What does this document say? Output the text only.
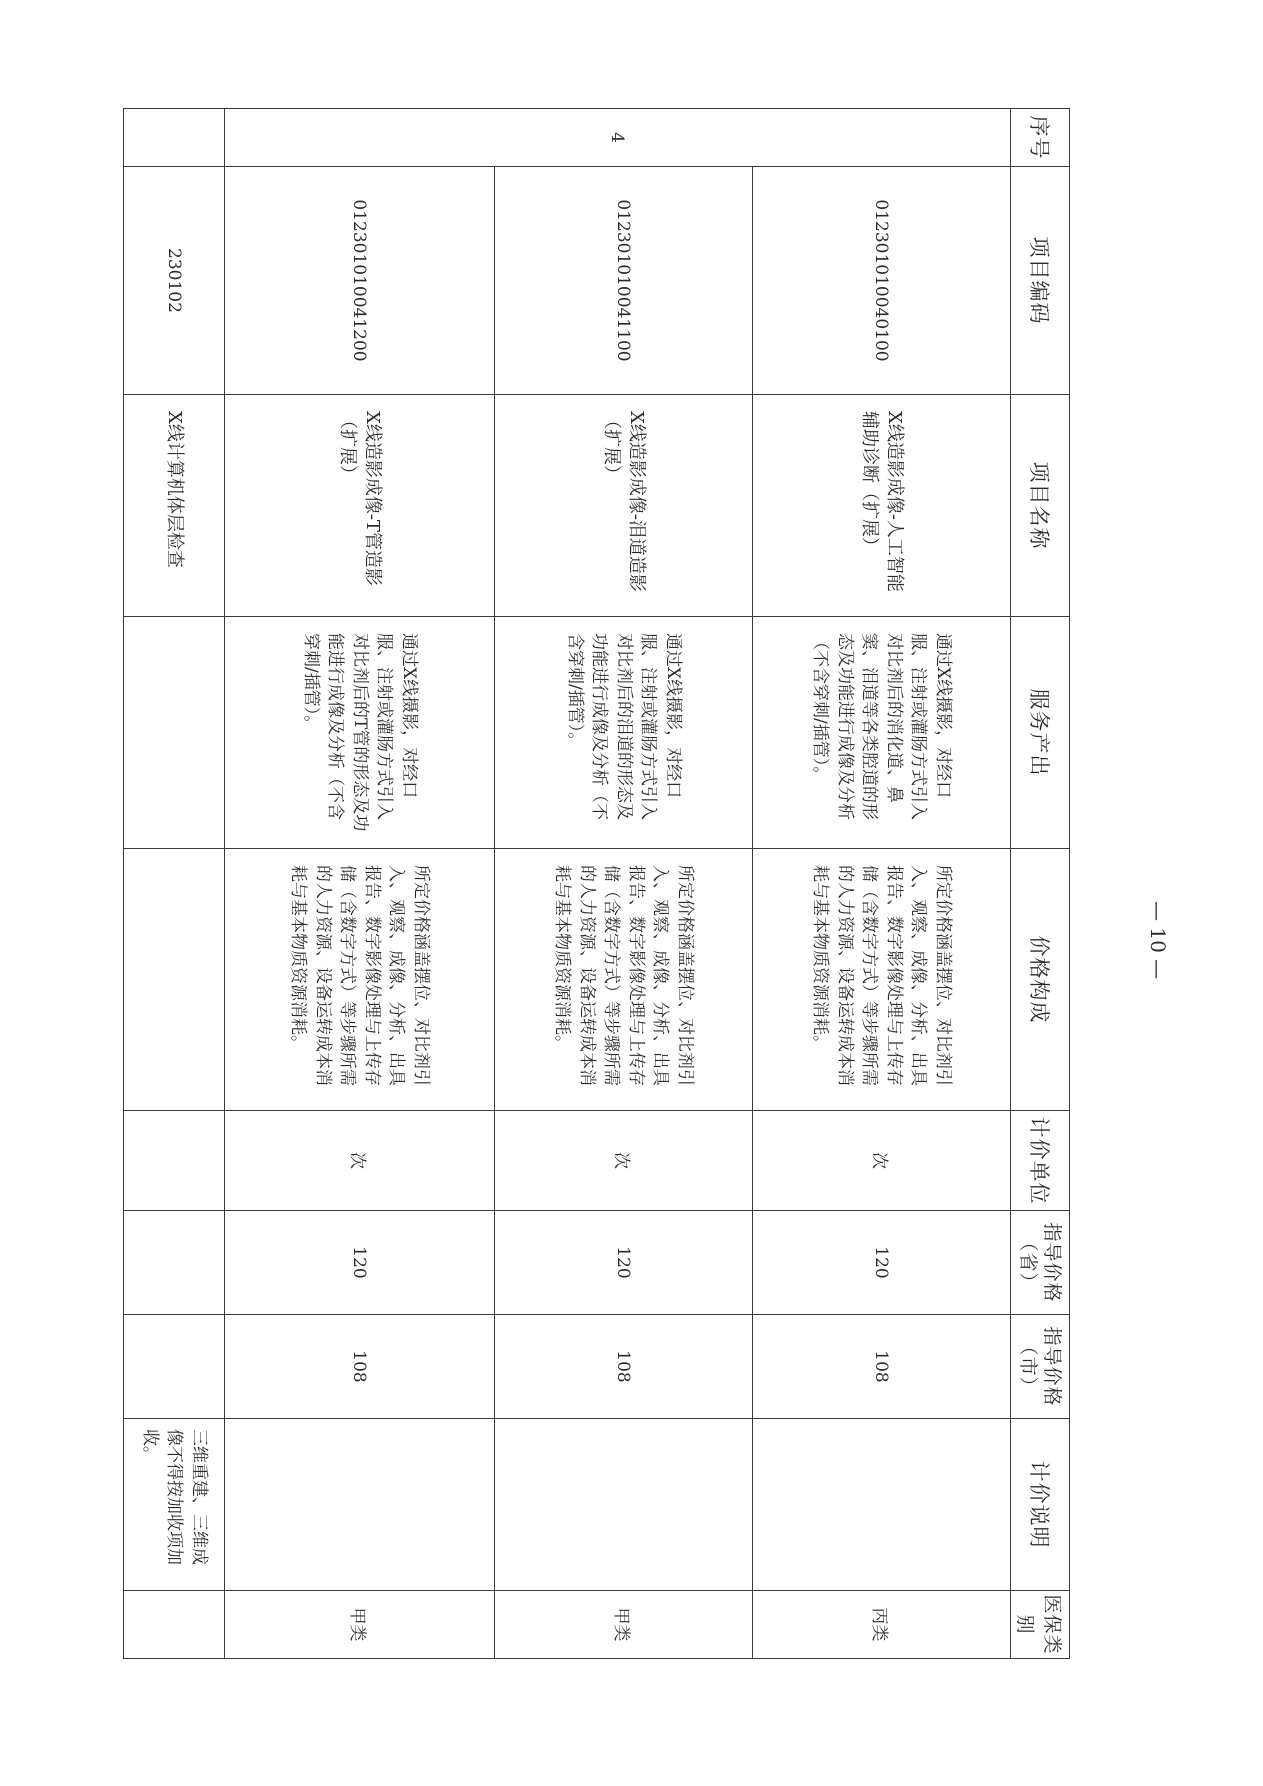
序号	项目编码	项目名称	服务产出	价格构成	计价单位	指导价格（省）	指导价格（市）	计价说明	医保类别
4	012301010040100	X线造影成像-人工智能辅助诊断（扩展）	通过X线摄影，对经口服、注射或灌肠方式引入对比剂后的消化道、鼻窦、泪道等各类腔道的形态及功能进行成像及分析（不含穿刺/插管）。	所定价格涵盖摆位、对比剂引入、观察、成像、分析、出具报告、数字影像处理与上传存储（含数字方式）等步骤所需的人力资源、设备运转成本消耗与基本物质资源消耗。	次	120	108		丙类
	012301010041100	X线造影成像-泪道造影（扩展）	通过X线摄影，对经口服、注射或灌肠方式引入对比剂后的泪道的形态及功能进行成像及分析（不含穿刺/插管）。	所定价格涵盖摆位、对比剂引入、观察、成像、分析、出具报告、数字影像处理与上传存储（含数字方式）等步骤所需的人力资源、设备运转成本消耗与基本物质资源消耗。	次	120	108		甲类
	012301010041200	X线造影成像-T管造影（扩展）	通过X线摄影，对经口服、注射或灌肠方式引入对比剂后的T管的形态及功能进行成像及分析（不含穿刺/插管）。	所定价格涵盖摆位、对比剂引入、观察、成像、分析、出具报告、数字影像处理与上传存储（含数字方式）等步骤所需的人力资源、设备运转成本消耗与基本物质资源消耗。	次	120	108		甲类
	230102	X线计算机体层检查						三维重建、三维成像不得按加收项加收。	
— 10 —
